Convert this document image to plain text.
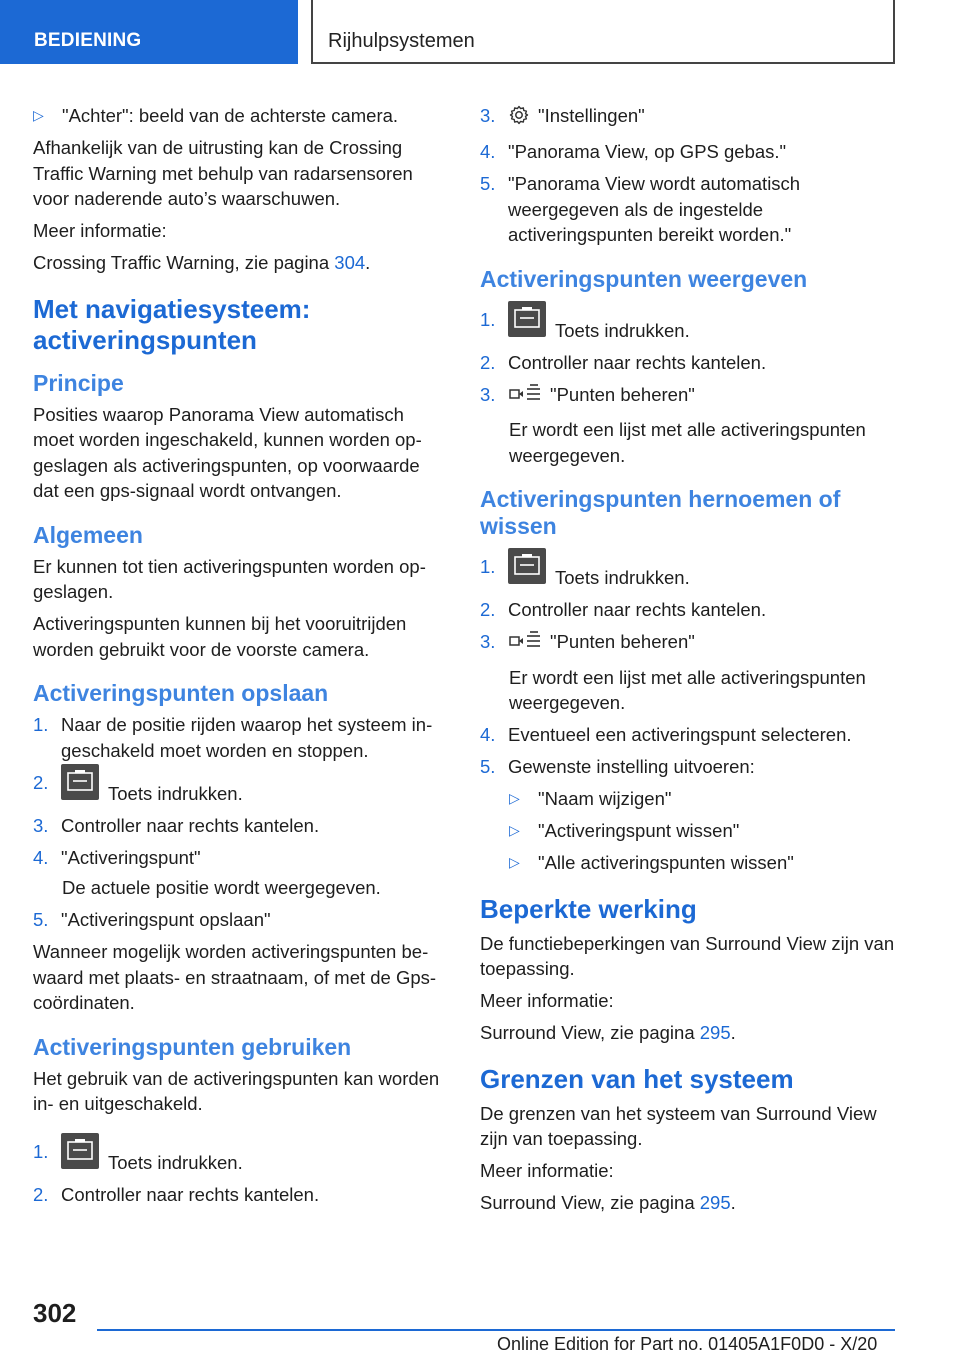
BEDIENING	Rijhulpsystemen
▷ "Achter": beeld van de achterste camera.

Afhankelijk van de uitrusting kan de Crossing Traffic Warning met behulp van radarsensoren voor naderende auto’s waarschuwen.

Meer informatie:

Crossing Traffic Warning, zie pagina 304.

Met navigatiesysteem: activeringspunten
Principe

Posities waarop Panorama View automatisch moet worden ingeschakeld, kunnen worden opgeslagen als activeringspunten, op voorwaarde dat een gps-signaal wordt ontvangen.

Algemeen

Er kunnen tot tien activeringspunten worden opgeslagen.

Activeringspunten kunnen bij het vooruitrijden worden gebruikt voor de voorste camera.

Activeringspunten opslaan
1. Naar de positie rijden waarop het systeem ingeschakeld moet worden en stoppen.
2.
Toets indrukken.
3. Controller naar rechts kantelen.
4. "Activeringspunt"

De actuele positie wordt weergegeven.

5. "Activeringspunt opslaan"

Wanneer mogelijk worden activeringspunten bewaard met plaats- en straatnaam, of met de Gps-coördinaten.

Activeringspunten gebruiken

Het gebruik van de activeringspunten kan worden in- en uitgeschakeld.

1.
Toets indrukken.
2. Controller naar rechts kantelen.
3.	"Instellingen"
4. "Panorama View, op GPS gebas."
5. "Panorama View wordt automatisch weergegeven als de ingestelde activeringspunten bereikt worden."
Activeringspunten weergeven
1.
Toets indrukken.
2. Controller naar rechts kantelen.
3.	"Punten beheren"

Er wordt een lijst met alle activeringspunten weergegeven.

Activeringspunten hernoemen of wissen
1.
Toets indrukken.
2. Controller naar rechts kantelen.
3.	"Punten beheren"

Er wordt een lijst met alle activeringspunten weergegeven.

4. Eventueel een activeringspunt selecteren.
5. Gewenste instelling uitvoeren:
▷ "Naam wijzigen"
▷ "Activeringspunt wissen"
▷ "Alle activeringspunten wissen"
Beperkte werking

De functiebeperkingen van Surround View zijn van toepassing.

Meer informatie:

Surround View, zie pagina 295.

Grenzen van het systeem

De grenzen van het systeem van Surround View zijn van toepassing.

Meer informatie:

Surround View, zie pagina 295.

302
Online Edition for Part no. 01405A1F0D0 - X/20
